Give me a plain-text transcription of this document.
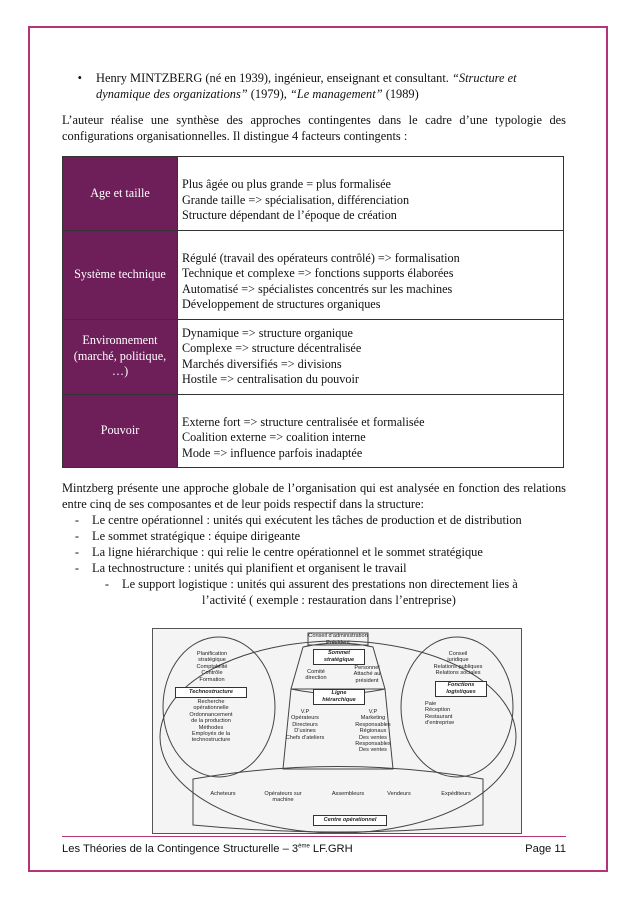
•	Henry MINTZBERG (né en 1939), ingénieur, enseignant et consultant. “Structure et dynamique des organizations” (1979), “Le management” (1989)

L’auteur réalise une synthèse des approches contingentes dans le cadre d’une typologie des configurations organisationnelles. Il distingue 4 facteurs contingents :

Age et taille	Plus âgée ou plus grande = plus formalisée
Grande taille => spécialisation, différenciation
Structure dépendant de l’époque de création

Système technique	Régulé (travail des opérateurs contrôlé) => formalisation
Technique et complexe => fonctions supports élaborées
Automatisé => spécialistes concentrés sur les machines
Développement de structures organiques

Environnement (marché, politique, …)	Dynamique => structure organique
Complexe => structure décentralisée
Marchés diversifiés => divisions
Hostile => centralisation du pouvoir

Pouvoir	Externe fort => structure centralisée et formalisée
Coalition externe => coalition interne
Mode => influence parfois inadaptée

Mintzberg présente une approche globale de l’organisation qui est analysée en fonction des relations entre cinq de ses composantes et de leur poids respectif dans la structure:

-	Le centre opérationnel : unités qui exécutent les tâches de production et de distribution
-	Le sommet stratégique : équipe dirigeante
-	La ligne hiérarchique : qui relie le centre opérationnel et le sommet stratégique
-	La technostructure : unités qui planifient et organisent le travail
-	Le support logistique : unités qui assurent des prestations non directement lies à
l’activité ( exemple : restauration dans l’entreprise)
Conseil d’administration
Président
Sommet
stratégique
Comité
direction
Personnel
Attaché au
président
Ligne
hiérarchique
Planification
stratégique
Comptabilité
Contrôle
Formation
Technostructure
Recherche
opérationnelle
Ordonnancement
de la production
Méthodes
Employés de la
technostructure
V.P
Opérateurs
Directeurs
D’usines
Chefs d’ateliers
V.P
Marketing
Responsables
Régionaux
Des ventes
Responsables
Des ventes
Conseil
juridique
Relations publiques
Relations sociales
Fonctions
logistiques
Paie
Réception
Restaurant
d’entreprise
Acheteurs	Opérateurs sur
machine
Assembleurs	Vendeurs	Expéditeurs
Centre opérationnel
Les Théories de la Contingence Structurelle – 3ème LF.GRH	Page 11
